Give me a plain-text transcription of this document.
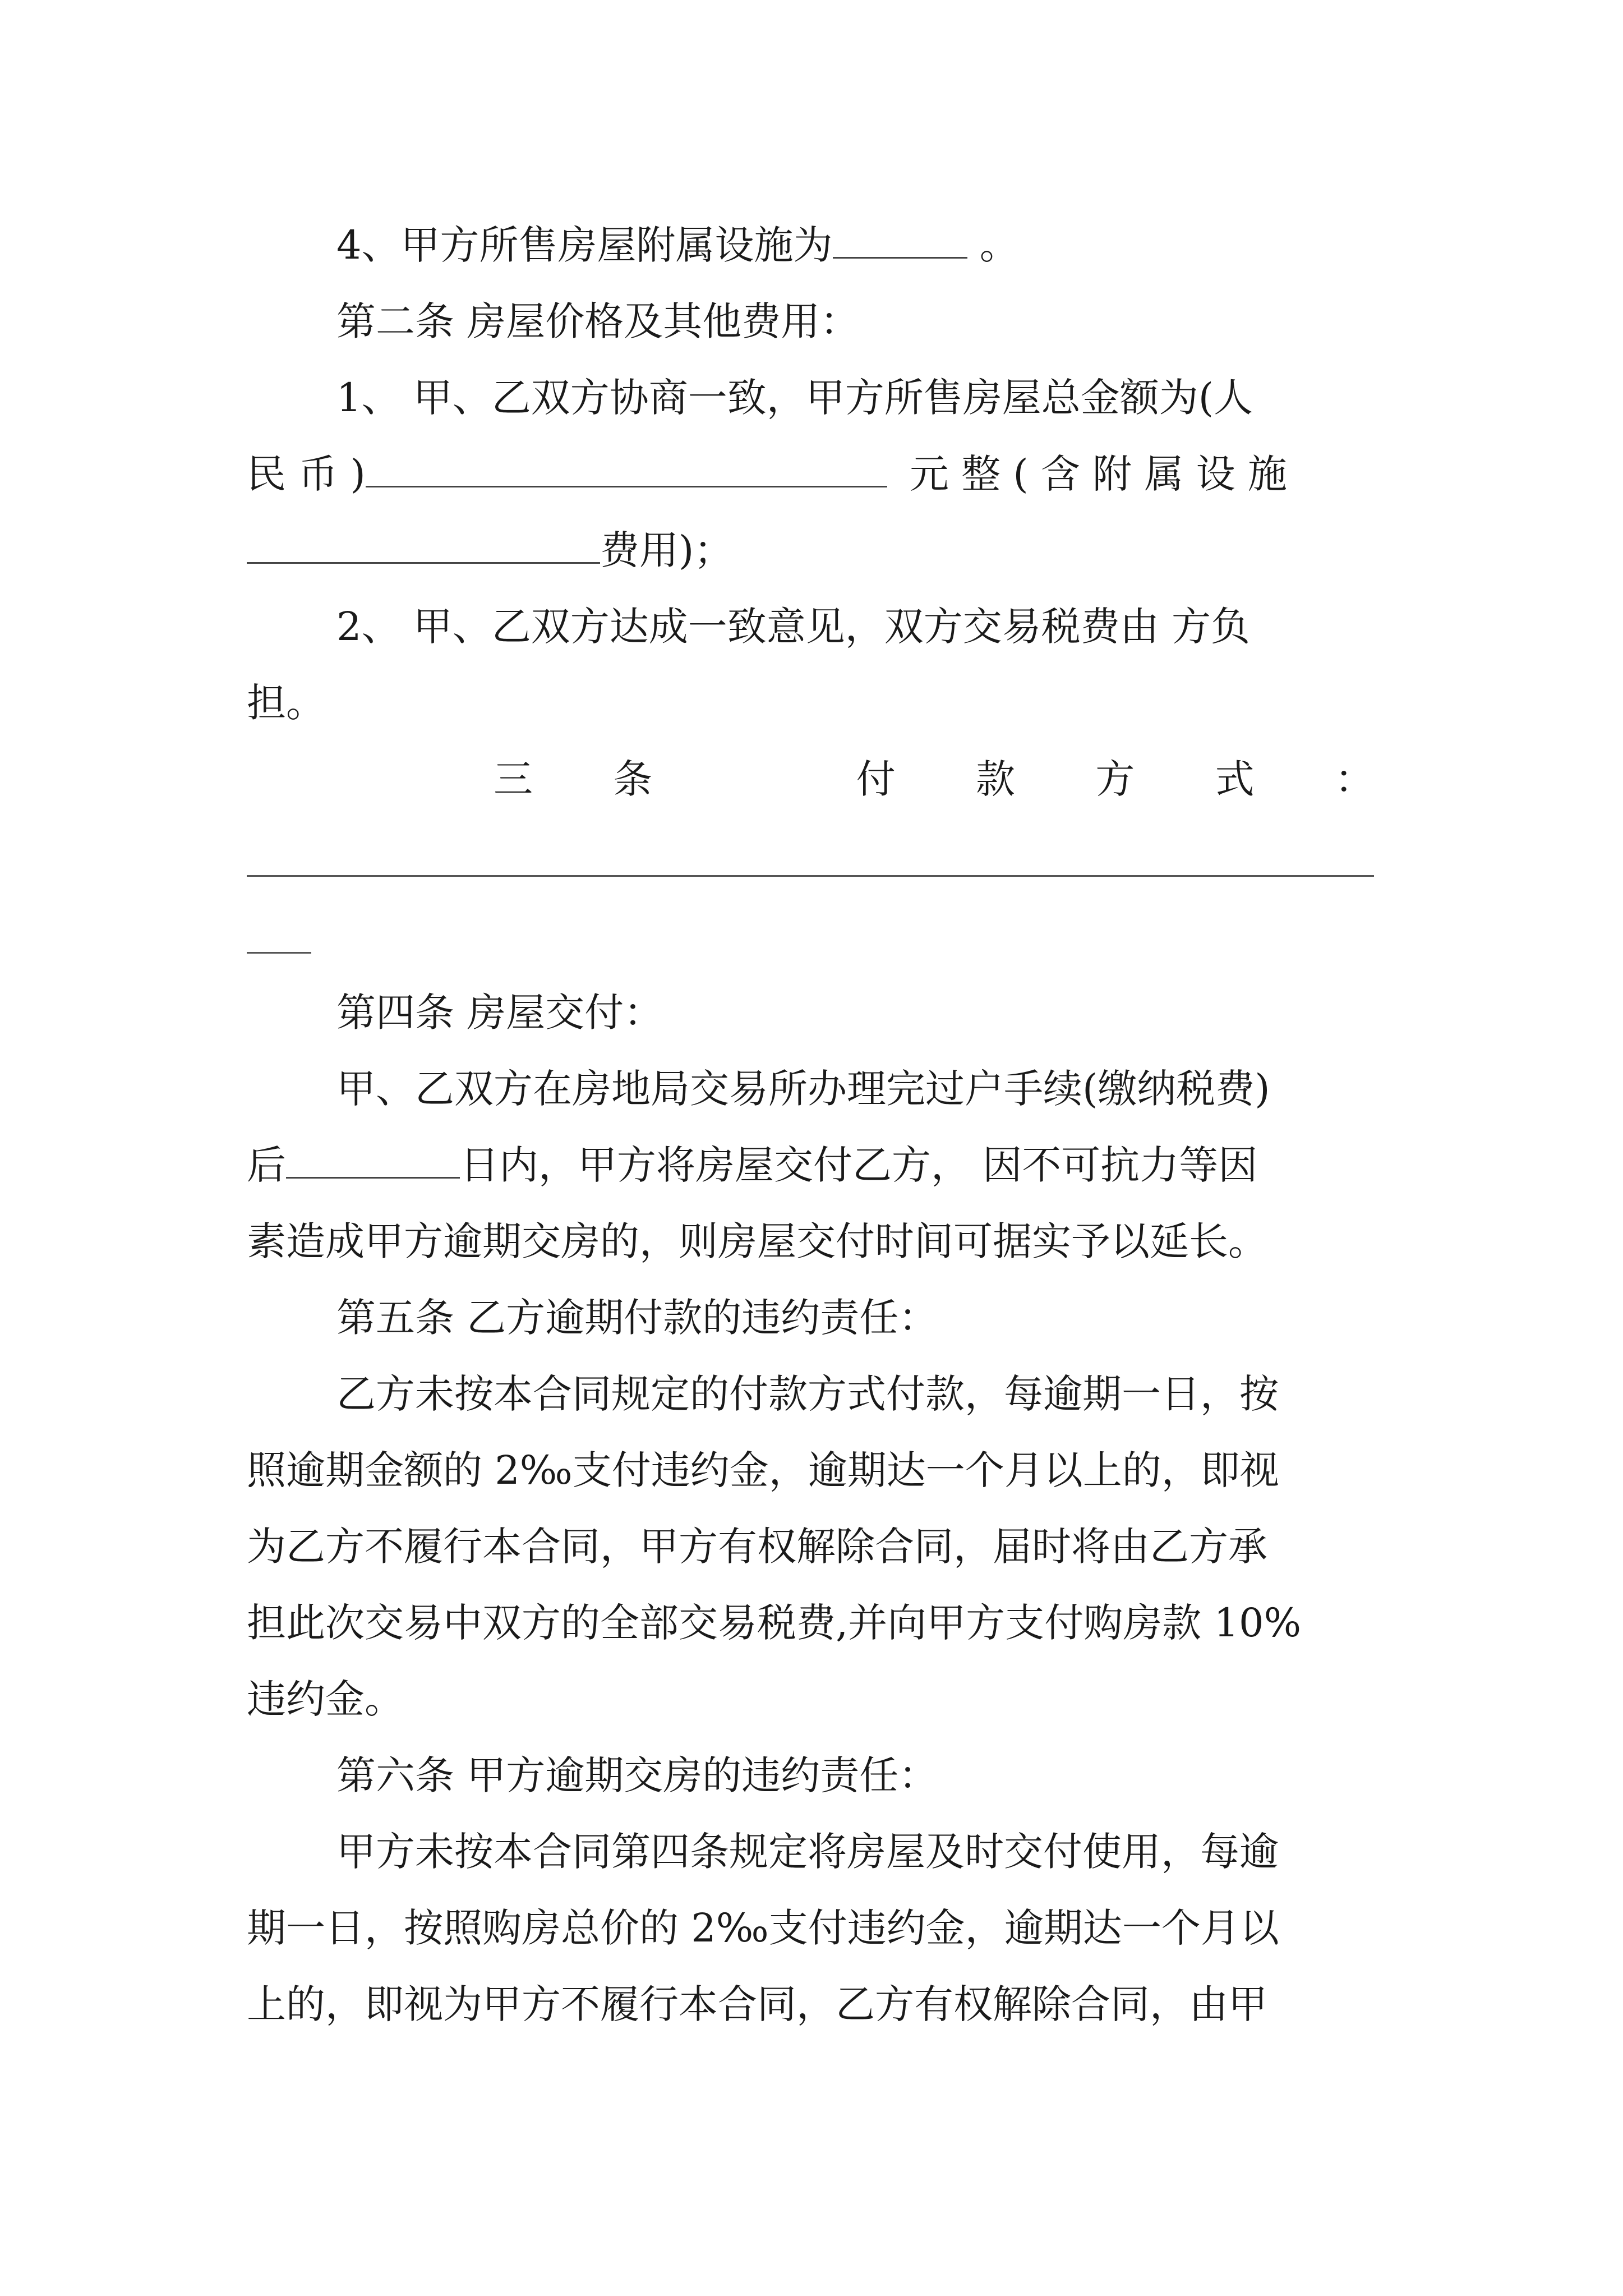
4、甲方所售房屋附属设施为	。
第二条 房屋价格及其他费用：
1、 甲、乙双方协商一致，甲方所售房屋总金额为(人
民 币 )	元 整 ( 含 附 属 设 施
费用)；
2、 甲、乙双方达成一致意见，双方交易税费由 方负
担。
三 条	付 款 方 式 ：
第四条 房屋交付：
甲、乙双方在房地局交易所办理完过户手续(缴纳税费)
后	日内，甲方将房屋交付乙方， 因不可抗力等因
素造成甲方逾期交房的，则房屋交付时间可据实予以延长。
第五条 乙方逾期付款的违约责任：
乙方未按本合同规定的付款方式付款，每逾期一日，按
照逾期金额的 2‰支付违约金，逾期达一个月以上的，即视
为乙方不履行本合同，甲方有权解除合同，届时将由乙方承
担此次交易中双方的全部交易税费,并向甲方支付购房款 10%
违约金。
第六条 甲方逾期交房的违约责任：
甲方未按本合同第四条规定将房屋及时交付使用，每逾
期一日，按照购房总价的 2‰支付违约金，逾期达一个月以
上的，即视为甲方不履行本合同，乙方有权解除合同，由甲
